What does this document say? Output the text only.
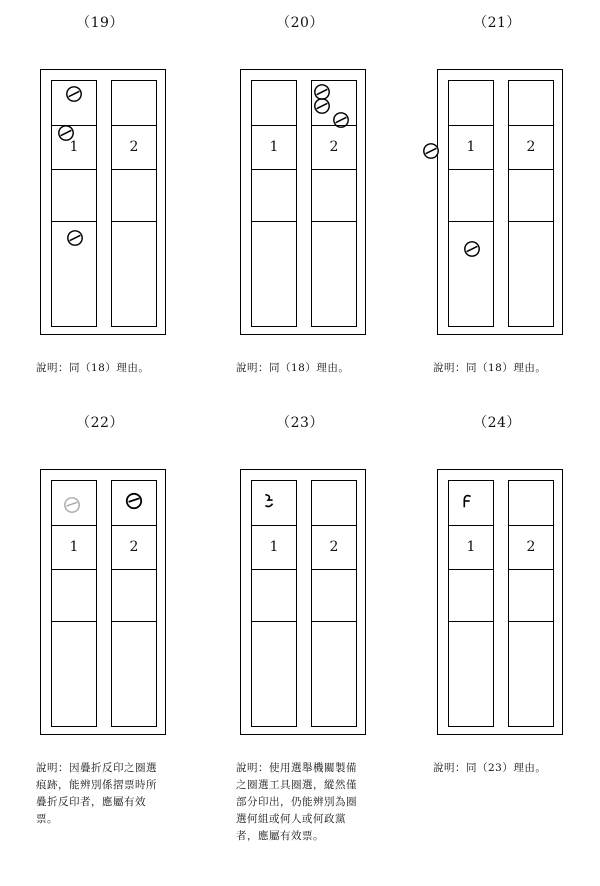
（19）
1	2
說明：同（18）理由。
（20）
1	2
說明：同（18）理由。
（21）
1	2
說明：同（18）理由。
（22）
1	2
說明：因疊折反印之圈選
痕跡，能辨別係摺票時所
疊折反印者，應屬有效
票。
（23）
1	2
說明：使用選舉機關製備
之圈選工具圈選，縱然僅
部分印出，仍能辨別為圈
選何組或何人或何政黨
者，應屬有效票。
（24）
1	2
說明：同（23）理由。
